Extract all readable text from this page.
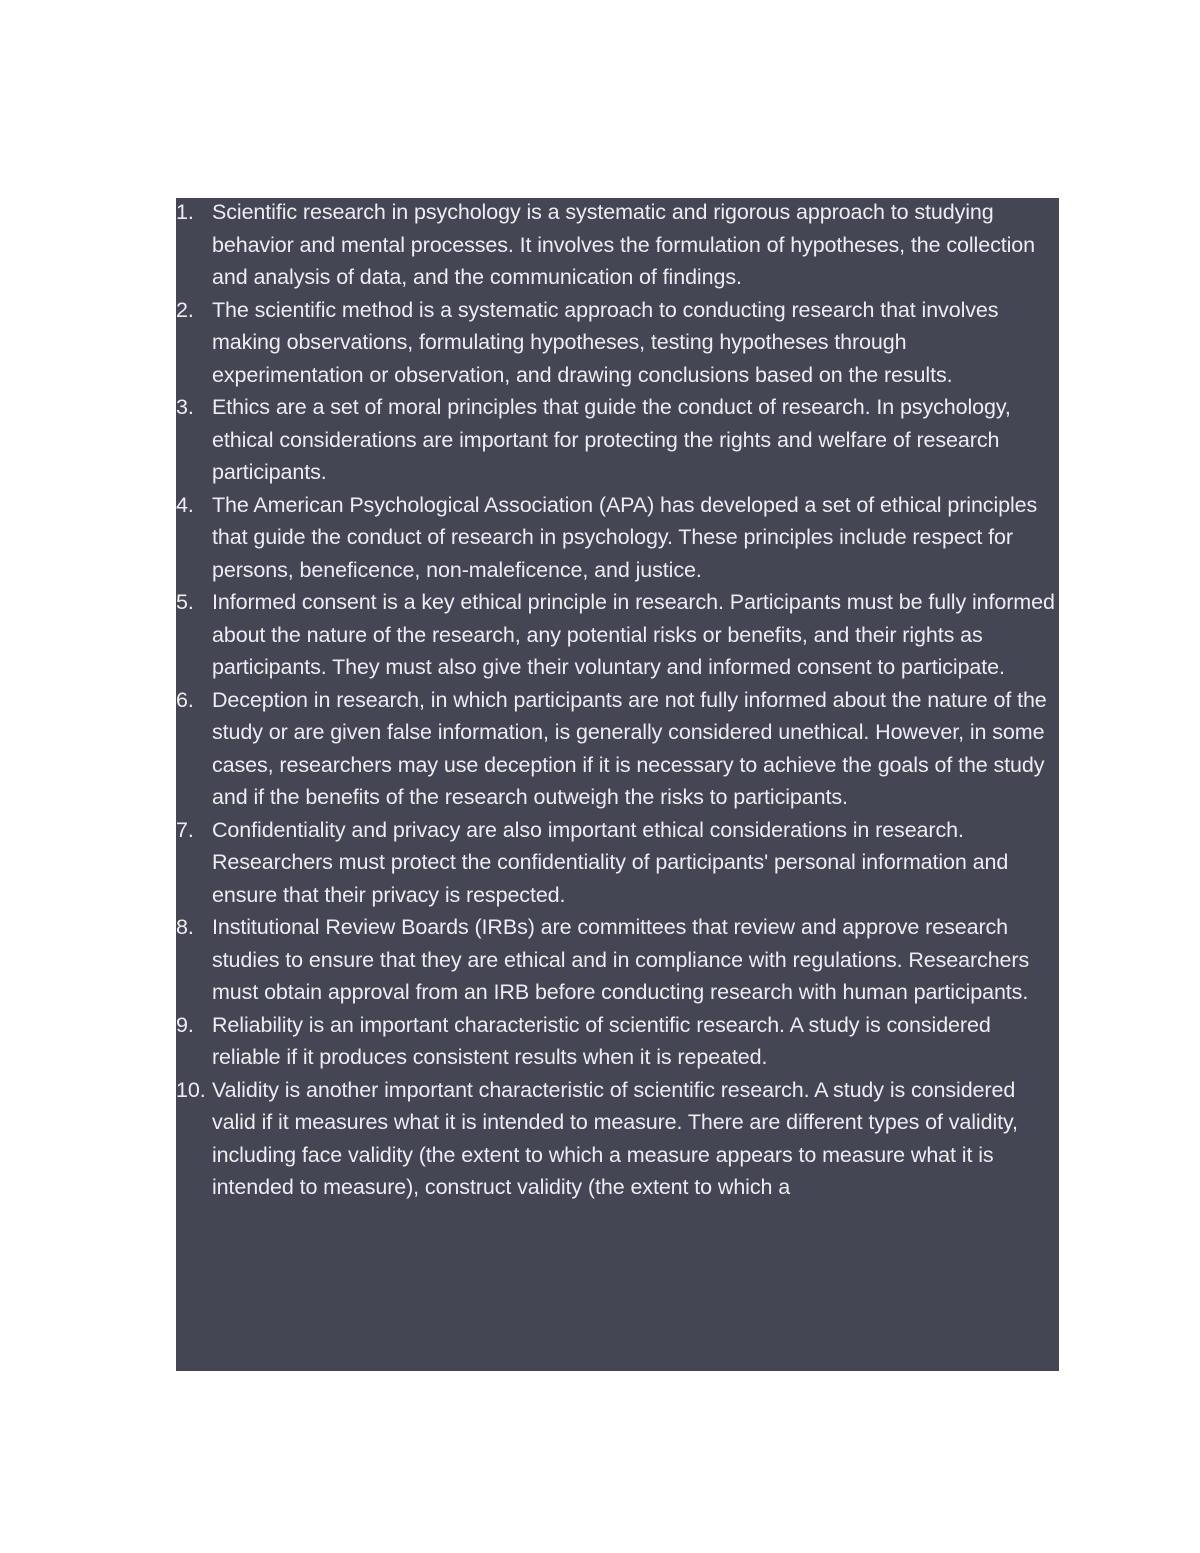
1. Scientific research in psychology is a systematic and rigorous approach to studying behavior and mental processes. It involves the formulation of hypotheses, the collection and analysis of data, and the communication of findings.
2. The scientific method is a systematic approach to conducting research that involves making observations, formulating hypotheses, testing hypotheses through experimentation or observation, and drawing conclusions based on the results.
3. Ethics are a set of moral principles that guide the conduct of research. In psychology, ethical considerations are important for protecting the rights and welfare of research participants.
4. The American Psychological Association (APA) has developed a set of ethical principles that guide the conduct of research in psychology. These principles include respect for persons, beneficence, non-maleficence, and justice.
5. Informed consent is a key ethical principle in research. Participants must be fully informed about the nature of the research, any potential risks or benefits, and their rights as participants. They must also give their voluntary and informed consent to participate.
6. Deception in research, in which participants are not fully informed about the nature of the study or are given false information, is generally considered unethical. However, in some cases, researchers may use deception if it is necessary to achieve the goals of the study and if the benefits of the research outweigh the risks to participants.
7. Confidentiality and privacy are also important ethical considerations in research. Researchers must protect the confidentiality of participants' personal information and ensure that their privacy is respected.
8. Institutional Review Boards (IRBs) are committees that review and approve research studies to ensure that they are ethical and in compliance with regulations. Researchers must obtain approval from an IRB before conducting research with human participants.
9. Reliability is an important characteristic of scientific research. A study is considered reliable if it produces consistent results when it is repeated.
10. Validity is another important characteristic of scientific research. A study is considered valid if it measures what it is intended to measure. There are different types of validity, including face validity (the extent to which a measure appears to measure what it is intended to measure), construct validity (the extent to which a
